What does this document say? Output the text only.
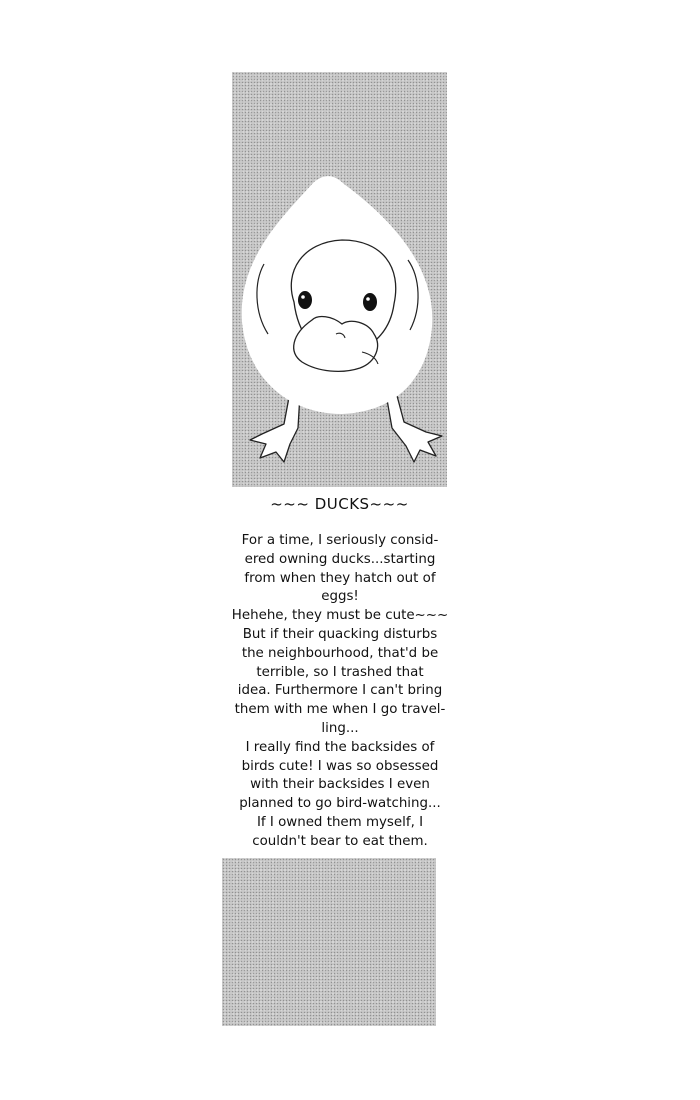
~~~ DUCKS~~~
For a time, I seriously consid-
ered owning ducks...starting
from when they hatch out of
eggs!
Hehehe, they must be cute~~~
But if their quacking disturbs
the neighbourhood, that'd be
terrible, so I trashed that
idea. Furthermore I can't bring
them with me when I go travel-
ling...
I really find the backsides of
birds cute! I was so obsessed
with their backsides I even
planned to go bird-watching...
If I owned them myself, I
couldn't bear to eat them.
